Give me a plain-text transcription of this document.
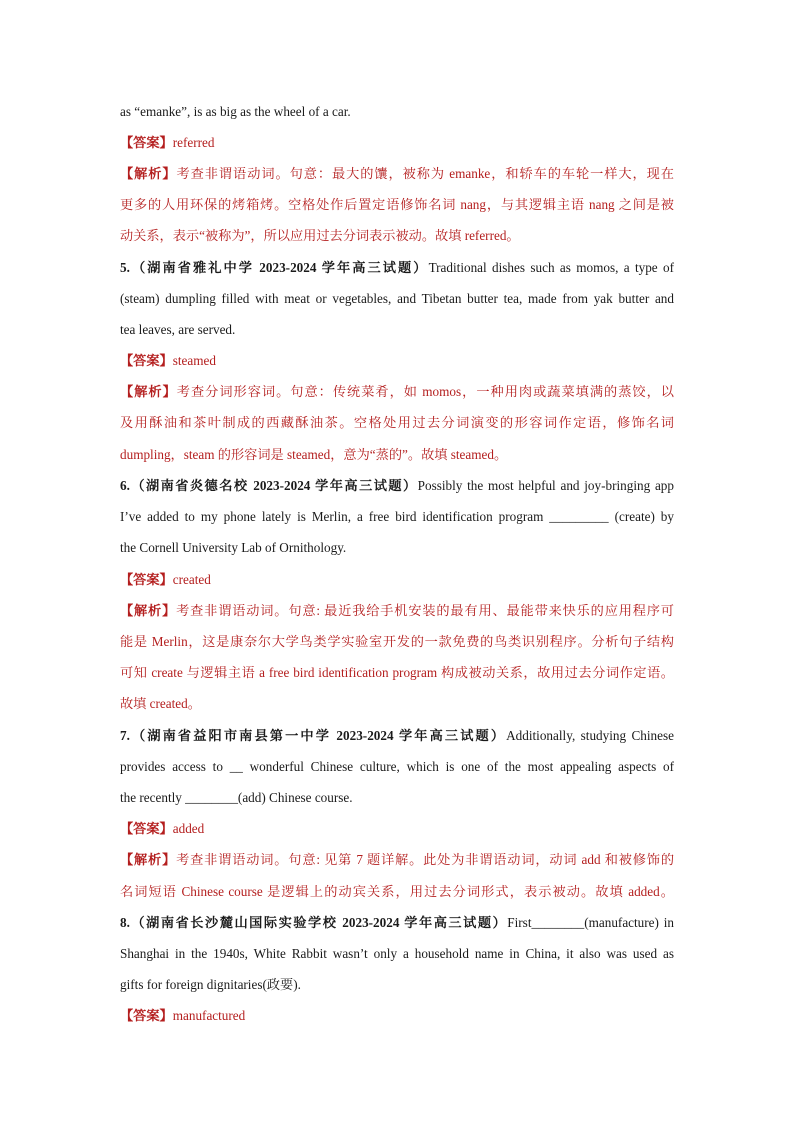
as “emanke”, is as big as the wheel of a car.
【答案】referred
【解析】考查非谓语动词。句意：最大的馕，被称为 emanke，和轿车的车轮一样大，现在
更多的人用环保的烤箱烤。空格处作后置定语修饰名词 nang，与其逻辑主语 nang 之间是被
动关系，表示“被称为”，所以应用过去分词表示被动。故填 referred。
5.（湖南省雅礼中学 2023-2024 学年高三试题）Traditional dishes such as momos, a type of
(steam) dumpling filled with meat or vegetables, and Tibetan butter tea, made from yak butter and
tea leaves, are served.
【答案】steamed
【解析】考查分词形容词。句意：传统菜肴，如 momos，一种用肉或蔬菜填满的蒸饺，以
及用酥油和茶叶制成的西藏酥油茶。空格处用过去分词演变的形容词作定语，修饰名词
dumpling，steam 的形容词是 steamed，意为“蒸的”。故填 steamed。
6.（湖南省炎德名校 2023-2024 学年高三试题）Possibly the most helpful and joy-bringing app
I’ve added to my phone lately is Merlin, a free bird identification program _________ (create) by
the Cornell University Lab of Ornithology.
【答案】created
【解析】考查非谓语动词。句意: 最近我给手机安装的最有用、最能带来快乐的应用程序可
能是 Merlin，这是康奈尔大学鸟类学实验室开发的一款免费的鸟类识别程序。分析句子结构
可知 create 与逻辑主语 a free bird identification program 构成被动关系，故用过去分词作定语。
故填 created。
7.（湖南省益阳市南县第一中学 2023-2024 学年高三试题）Additionally, studying Chinese
provides access to __ wonderful Chinese culture, which is one of the most appealing aspects of
the recently ________(add) Chinese course.
【答案】added
【解析】考查非谓语动词。句意: 见第 7 题详解。此处为非谓语动词，动词 add 和被修饰的
名词短语 Chinese course 是逻辑上的动宾关系，用过去分词形式，表示被动。故填 added。
8.（湖南省长沙麓山国际实验学校 2023-2024 学年高三试题）First________(manufacture) in
Shanghai in the 1940s, White Rabbit wasn’t only a household name in China, it also was used as
gifts for foreign dignitaries(政要).
【答案】manufactured
